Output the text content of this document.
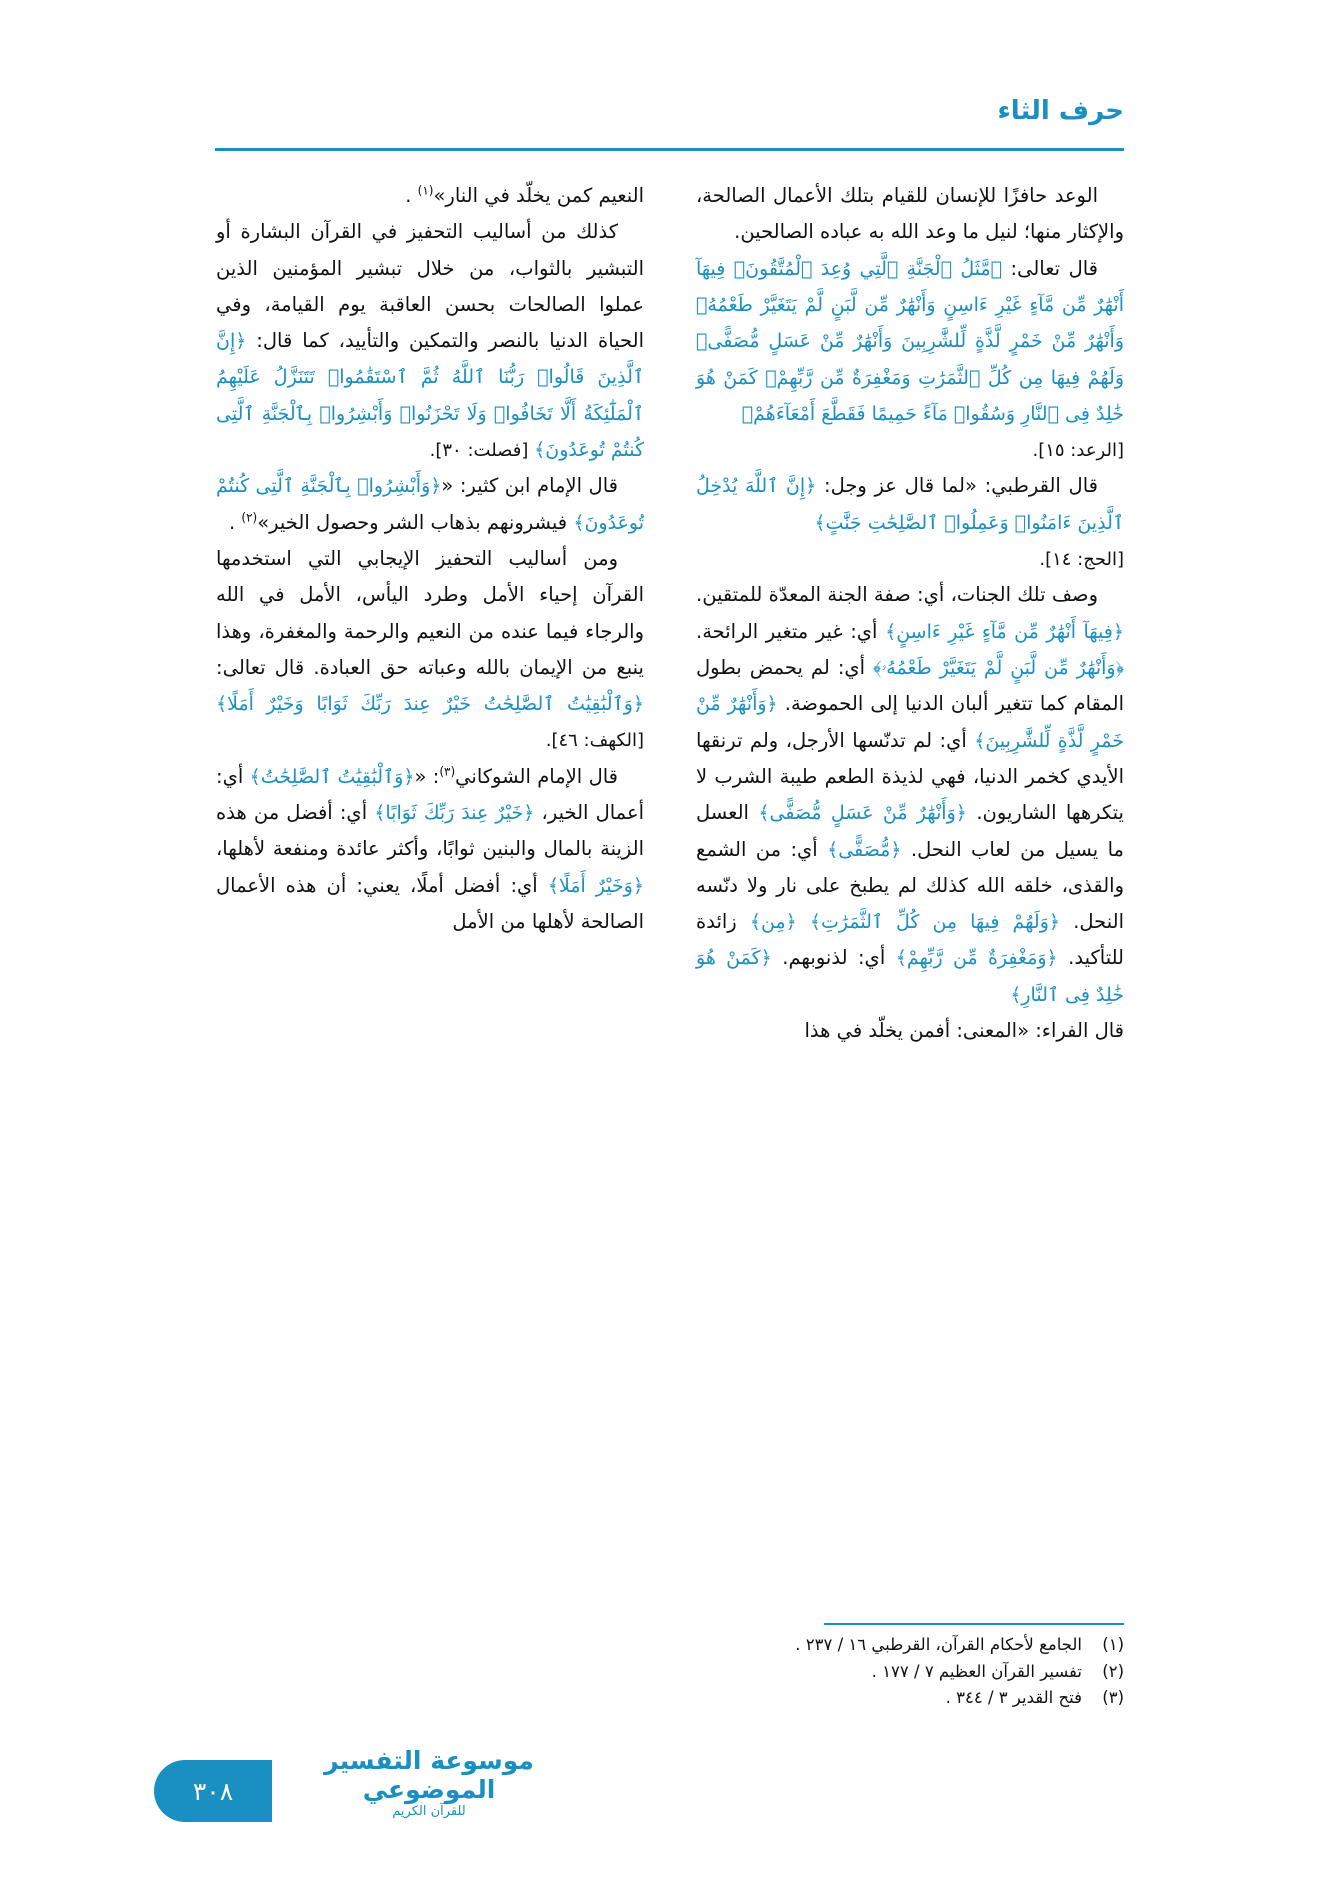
حرف الثاء

الوعد حافزًا للإنسان للقيام بتلك الأعمال الصالحة، والإكثار منها؛ لنيل ما وعد الله به عباده الصالحين.

قال تعالى: ﴿مَّثَلُ ٱلْجَنَّةِ ٱلَّتِي وُعِدَ ٱلْمُتَّقُونَۖ فِيهَآ أَنْهَٰرٌ مِّن مَّآءٍ غَيْرِ ءَاسِنٍ وَأَنْهَٰرٌ مِّن لَّبَنٍ لَّمْ يَتَغَيَّرْ طَعْمُهُۥ وَأَنْهَٰرٌ مِّنْ خَمْرٍ لَّذَّةٍ لِّلشَّٰرِبِينَ وَأَنْهَٰرٌ مِّنْ عَسَلٍ مُّصَفًّىۖ وَلَهُمْ فِيهَا مِن كُلِّ ٱلثَّمَرَٰتِ وَمَغْفِرَةٌ مِّن رَّبِّهِمْۖ كَمَنْ هُوَ خَٰلِدٌ فِى ٱلنَّارِ وَسُقُوا۟ مَآءً حَمِيمًا فَقَطَّعَ أَمْعَآءَهُمْ﴾

[الرعد: ١٥].

قال القرطبي: «لما قال عز وجل: ﴿إِنَّ ٱللَّهَ يُدْخِلُ ٱلَّذِينَ ءَامَنُوا۟ وَعَمِلُوا۟ ٱلصَّٰلِحَٰتِ جَنَّٰتٍ﴾

[الحج: ١٤].

وصف تلك الجنات، أي: صفة الجنة المعدّة للمتقين. ﴿فِيهَآ أَنْهَٰرٌ مِّن مَّآءٍ غَيْرِ ءَاسِنٍ﴾ أي: غير متغير الرائحة. ﴿وَأَنْهَٰرٌ مِّن لَّبَنٍ لَّمْ يَتَغَيَّرْ طَعْمُهُۥ﴾ أي: لم يحمض بطول المقام كما تتغير ألبان الدنيا إلى الحموضة. ﴿وَأَنْهَٰرٌ مِّنْ خَمْرٍ لَّذَّةٍ لِّلشَّٰرِبِينَ﴾ أي: لم تدنّسها الأرجل، ولم ترنقها الأيدي كخمر الدنيا، فهي لذيذة الطعم طيبة الشرب لا يتكرهها الشاريون. ﴿وَأَنْهَٰرٌ مِّنْ عَسَلٍ مُّصَفًّى﴾ العسل ما يسيل من لعاب النحل. ﴿مُّصَفًّى﴾ أي: من الشمع والقذى، خلقه الله كذلك لم يطبخ على نار ولا دنّسه النحل. ﴿وَلَهُمْ فِيهَا مِن كُلِّ ٱلثَّمَرَٰتِ﴾ ﴿مِن﴾ زائدة للتأكيد. ﴿وَمَغْفِرَةٌ مِّن رَّبِّهِمْ﴾ أي: لذنوبهم. ﴿كَمَنْ هُوَ خَٰلِدٌ فِى ٱلنَّارِ﴾

قال الفراء: «المعنى: أفمن يخلّد في هذا

النعيم كمن يخلّد في النار»$^{(١)}$ .

كذلك من أساليب التحفيز في القرآن البشارة أو التبشير بالثواب، من خلال تبشير المؤمنين الذين عملوا الصالحات بحسن العاقبة يوم القيامة، وفي الحياة الدنيا بالنصر والتمكين والتأييد، كما قال: ﴿إِنَّ ٱلَّذِينَ قَالُوا۟ رَبُّنَا ٱللَّهُ ثُمَّ ٱسْتَقَٰمُوا۟ تَتَنَزَّلُ عَلَيْهِمُ ٱلْمَلَٰٓئِكَةُ أَلَّا تَخَافُوا۟ وَلَا تَحْزَنُوا۟ وَأَبْشِرُوا۟ بِٱلْجَنَّةِ ٱلَّتِى كُنتُمْ تُوعَدُونَ﴾ [فصلت: ٣٠].

قال الإمام ابن كثير: «﴿وَأَبْشِرُوا۟ بِٱلْجَنَّةِ ٱلَّتِى كُنتُمْ تُوعَدُونَ﴾ فيشرونهم بذهاب الشر وحصول الخير»$^{(٢)}$ .

ومن أساليب التحفيز الإيجابي التي استخدمها القرآن إحياء الأمل وطرد اليأس، الأمل في الله والرجاء فيما عنده من النعيم والرحمة والمغفرة، وهذا ينبع من الإيمان بالله وعباته حق العبادة. قال تعالى: ﴿وَٱلْبَٰقِيَٰتُ ٱلصَّٰلِحَٰتُ خَيْرٌ عِندَ رَبِّكَ ثَوَابًا وَخَيْرٌ أَمَلًا﴾ [الكهف: ٤٦].

قال الإمام الشوكاني$^{(٣)}$: «﴿وَٱلْبَٰقِيَٰتُ ٱلصَّٰلِحَٰتُ﴾ أي: أعمال الخير، ﴿خَيْرٌ عِندَ رَبِّكَ ثَوَابًا﴾ أي: أفضل من هذه الزينة بالمال والبنين ثوابًا، وأكثر عائدة ومنفعة لأهلها، ﴿وَخَيْرٌ أَمَلًا﴾ أي: أفضل أملًا، يعني: أن هذه الأعمال الصالحة لأهلها من الأمل

(١)
الجامع لأحكام القرآن، القرطبي ١٦ / ٢٣٧ .
(٢)
تفسير القرآن العظيم ٧ / ١٧٧ .
(٣)
فتح القدير ٣ / ٣٤٤ .
موسوعة التفسير الموضوعي
للقرآن الكريم
٣٠٨
